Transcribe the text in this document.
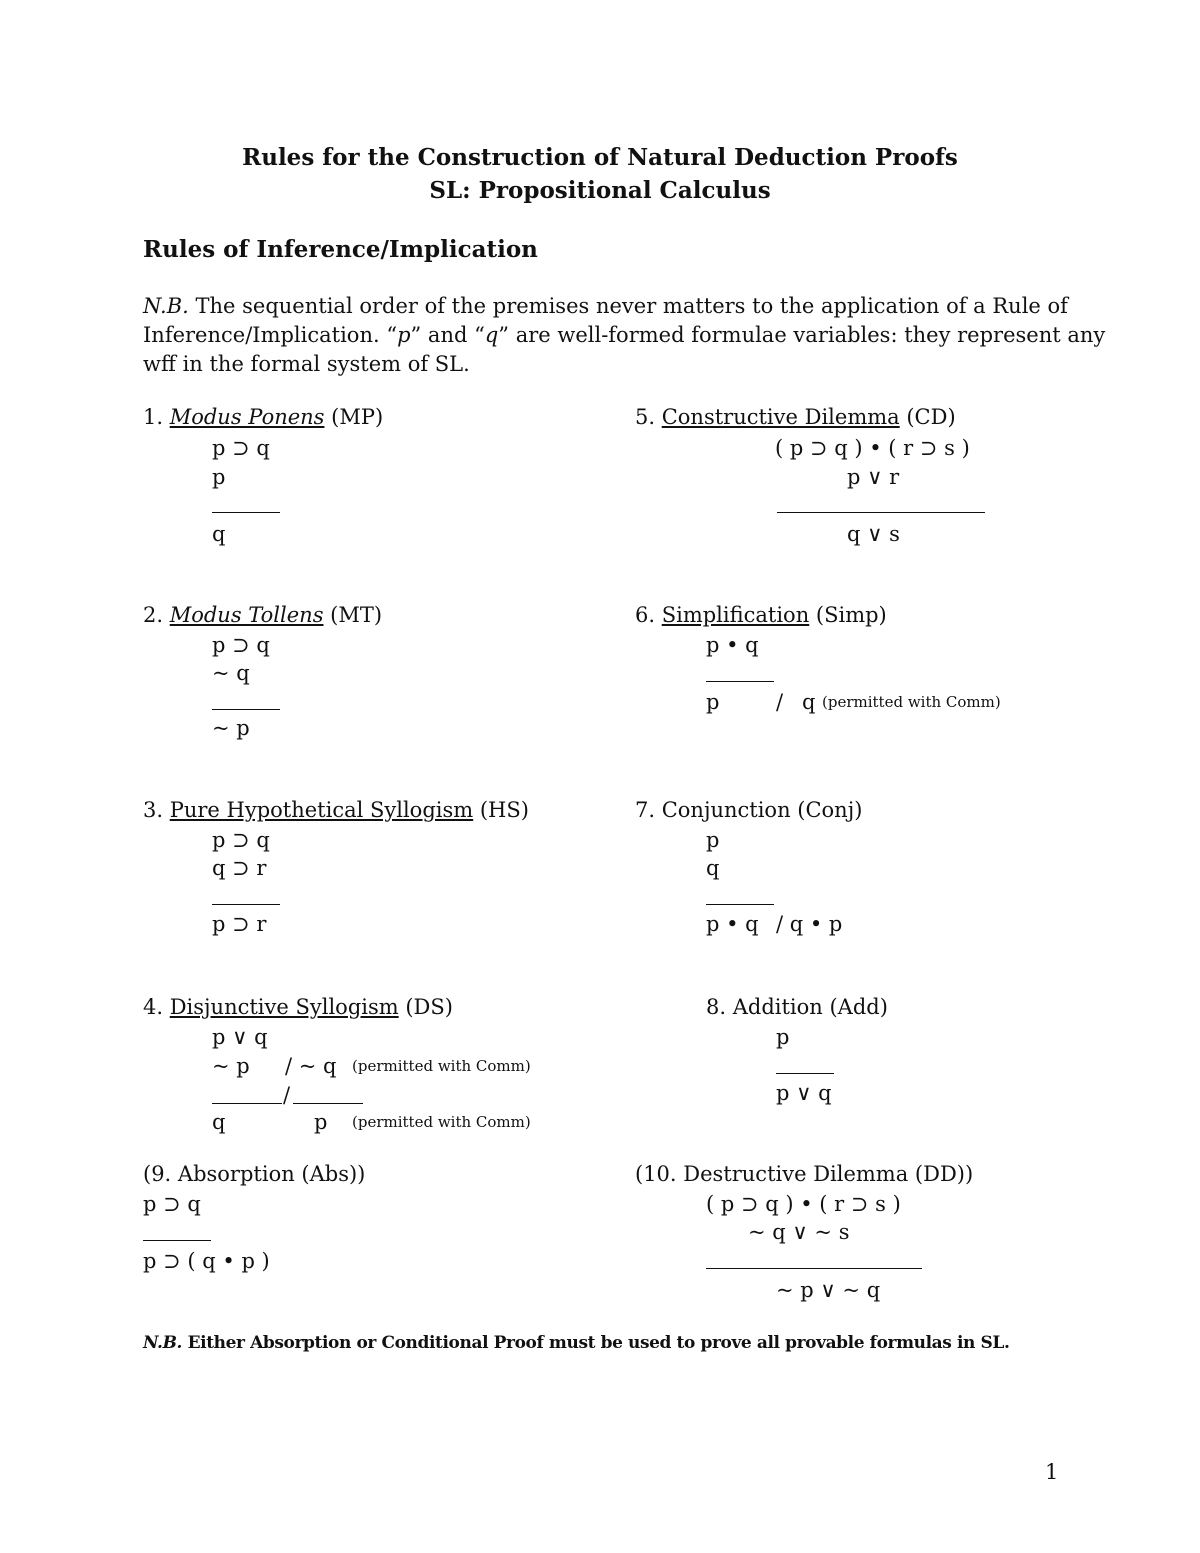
Rules for the Construction of Natural Deduction Proofs
SL: Propositional Calculus
Rules of Inference/Implication
N.B. The sequential order of the premises never matters to the application of a Rule of
Inference/Implication. “p” and “q” are well-formed formulae variables: they represent any
wff in the formal system of SL.
1. Modus Ponens (MP)
p ⊃ q
p
q
5. Constructive Dilemma (CD)
( p ⊃ q ) • ( r ⊃ s )
p ∨ r
q ∨ s
2. Modus Tollens (MT)
p ⊃ q
~ q
~ p
6. Simplification (Simp)
p • q
p	/ q (permitted with Comm)
3. Pure Hypothetical Syllogism (HS)
p ⊃ q
q ⊃ r
p ⊃ r
7. Conjunction (Conj)
p
q
p • q / q • p
4. Disjunctive Syllogism (DS)
p ∨ q
~ p / ~ q (permitted with Comm)
/
q	p (permitted with Comm)
8. Addition (Add)
p
p ∨ q
(9. Absorption (Abs))
p ⊃ q
p ⊃ ( q • p )
(10. Destructive Dilemma (DD))
( p ⊃ q ) • ( r ⊃ s )
~ q ∨ ~ s
~ p ∨ ~ q
N.B. Either Absorption or Conditional Proof must be used to prove all provable formulas in SL.
1
